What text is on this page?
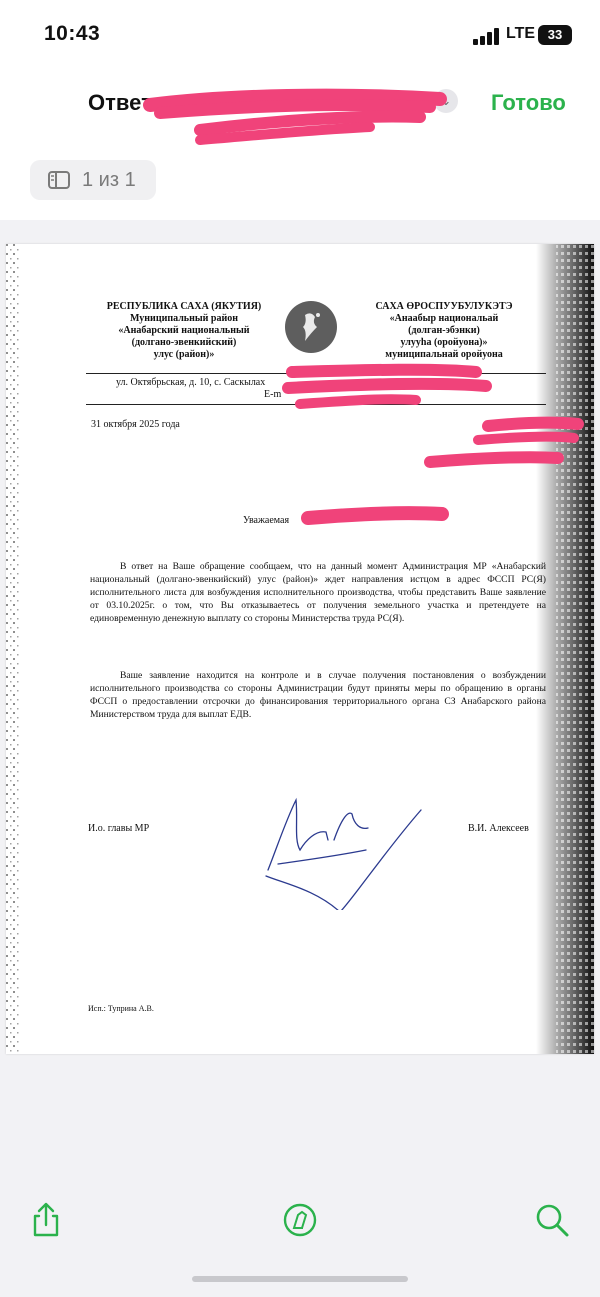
10:43	LTE 33
Ответ	⌄ Готово
1 из 1
РЕСПУБЛИКА САХА (ЯКУТИЯ)
Муниципальный район
«Анабарский национальный
(долгано-эвенкийский)
улус (район)»
САХА ӨРОСПУУБУЛУКЭТЭ
«Анаабыр национальай
(долган-эбэнки)
улууһа (оройуона)»
муниципальнай оройуона
ул. Октябрьская, д. 10, с. Саскылах
E-m
31 октября 2025 года
Уважаемая
В ответ на Ваше обращение сообщаем, что на данный момент Администрация МР «Анабарский национальный (долгано-эвенкийский) улус (район)» ждет направления истцом в адрес ФССП РС(Я) исполнительного листа для возбуждения исполнительного производства, чтобы представить Ваше заявление от 03.10.2025г. о том, что Вы отказываетесь от получения земельного участка и претендуете на единовременную денежную выплату со стороны Министерства труда РС(Я).
Ваше заявление находится на контроле и в случае получения постановления о возбуждении исполнительного производства со стороны Администрации будут приняты меры по обращению в органы ФССП о предоставлении отсрочки до финансирования территориального органа СЗ Анабарского района Министерством труда для выплат ЕДВ.
И.о. главы МР	В.И. Алексеев
Исп.: Туприна А.В.
